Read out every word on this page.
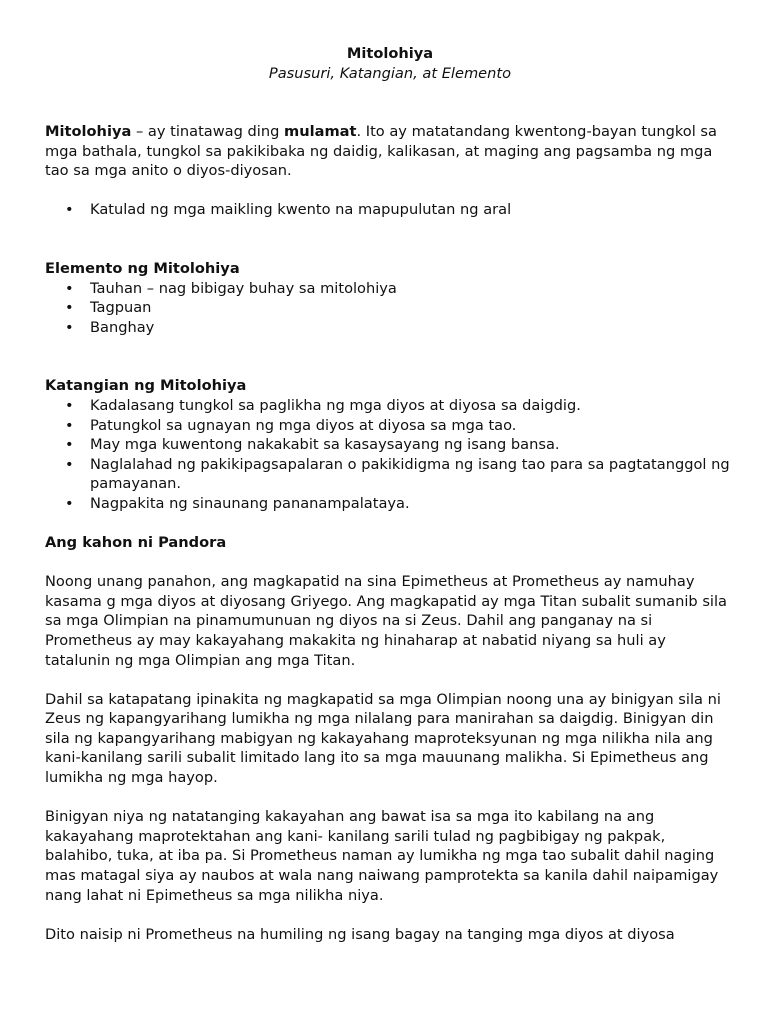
Mitolohiya

Pasusuri, Katangian, at Elemento

Mitolohiya – ay tinatawag ding mulamat. Ito ay matatandang kwentong-bayan tungkol sa mga bathala, tungkol sa pakikibaka ng daidig, kalikasan, at maging ang pagsamba ng mga tao sa mga anito o diyos-diyosan.

• Katulad ng mga maikling kwento na mapupulutan ng aral

Elemento ng Mitolohiya

• Tauhan – nag bibigay buhay sa mitolohiya
• Tagpuan
• Banghay

Katangian ng Mitolohiya

• Kadalasang tungkol sa paglikha ng mga diyos at diyosa sa daigdig.
• Patungkol sa ugnayan ng mga diyos at diyosa sa mga tao.
• May mga kuwentong nakakabit sa kasaysayang ng isang bansa.
• Naglalahad ng pakikipagsapalaran o pakikidigma ng isang tao para sa pagtatanggol ng pamayanan.
• Nagpakita ng sinaunang pananampalataya.

Ang kahon ni Pandora

Noong unang panahon, ang magkapatid na sina Epimetheus at Prometheus ay namuhay kasama g mga diyos at diyosang Griyego. Ang magkapatid ay mga Titan subalit sumanib sila sa mga Olimpian na pinamumunuan ng diyos na si Zeus. Dahil ang panganay na si Prometheus ay may kakayahang makakita ng hinaharap at nabatid niyang sa huli ay tatalunin ng mga Olimpian ang mga Titan.

Dahil sa katapatang ipinakita ng magkapatid sa mga Olimpian noong una ay binigyan sila ni Zeus ng kapangyarihang lumikha ng mga nilalang para manirahan sa daigdig. Binigyan din sila ng kapangyarihang mabigyan ng kakayahang maproteksyunan ng mga nilikha nila ang kani-kanilang sarili subalit limitado lang ito sa mga mauunang malikha. Si Epimetheus ang lumikha ng mga hayop.

Binigyan niya ng natatanging kakayahan ang bawat isa sa mga ito kabilang na ang kakayahang maprotektahan ang kani- kanilang sarili tulad ng pagbibigay ng pakpak, balahibo, tuka, at iba pa. Si Prometheus naman ay lumikha ng mga tao subalit dahil naging mas matagal siya ay naubos at wala nang naiwang pamprotekta sa kanila dahil naipamigay nang lahat ni Epimetheus sa mga nilikha niya.

Dito naisip ni Prometheus na humiling ng isang bagay na tanging mga diyos at diyosa
